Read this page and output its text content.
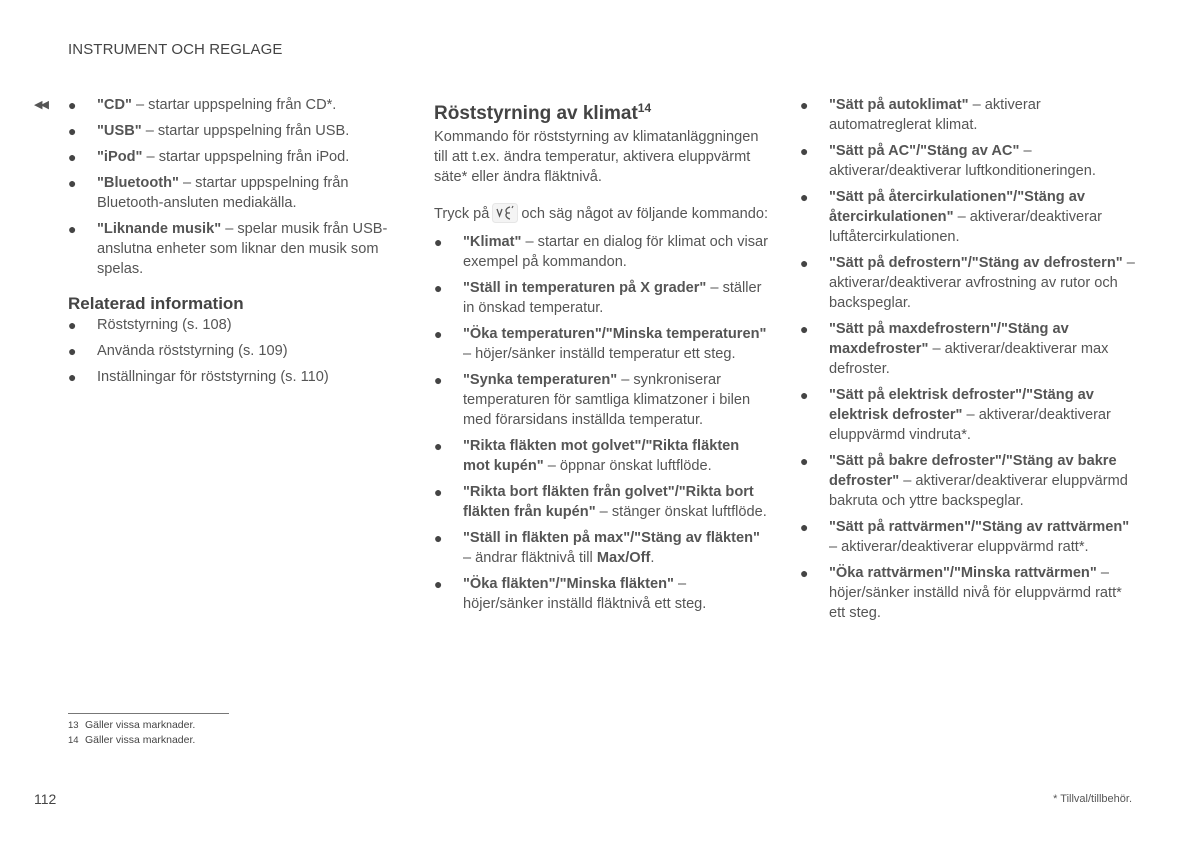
INSTRUMENT OCH REGLAGE
◀◀ ● "CD" – startar uppspelning från CD*.
● "USB" – startar uppspelning från USB.
● "iPod" – startar uppspelning från iPod.
● "Bluetooth" – startar uppspelning från Bluetooth-ansluten mediakälla.
● "Liknande musik" – spelar musik från USB-anslutna enheter som liknar den musik som spelas.
Relaterad information
● Röststyrning (s. 108)
● Använda röststyrning (s. 109)
● Inställningar för röststyrning (s. 110)
Röststyrning av klimat$^{14}$

Kommando för röststyrning av klimatanläggningen till att t.ex. ändra temperatur, aktivera eluppvärmt säte* eller ändra fläktnivå.

Tryck på och säg något av följande kommando:

● "Klimat" – startar en dialog för klimat och visar exempel på kommandon.
● "Ställ in temperaturen på X grader" – ställer in önskad temperatur.
● "Öka temperaturen"/"Minska temperaturen" – höjer/sänker inställd temperatur ett steg.
● "Synka temperaturen" – synkroniserar temperaturen för samtliga klimatzoner i bilen med förarsidans inställda temperatur.
● "Rikta fläkten mot golvet"/"Rikta fläkten mot kupén" – öppnar önskat luftflöde.
● "Rikta bort fläkten från golvet"/"Rikta bort fläkten från kupén" – stänger önskat luftflöde.
● "Ställ in fläkten på max"/"Stäng av fläkten" – ändrar fläktnivå till Max/Off.
● "Öka fläkten"/"Minska fläkten" – höjer/sänker inställd fläktnivå ett steg.
● "Sätt på autoklimat" – aktiverar automatreglerat klimat.
● "Sätt på AC"/"Stäng av AC" – aktiverar/deaktiverar luftkonditioneringen.
● "Sätt på återcirkulationen"/"Stäng av återcirkulationen" – aktiverar/deaktiverar luftåtercirkulationen.
● "Sätt på defrostern"/"Stäng av defrostern" – aktiverar/deaktiverar avfrostning av rutor och backspeglar.
● "Sätt på maxdefrostern"/"Stäng av maxdefroster" – aktiverar/deaktiverar max defroster.
● "Sätt på elektrisk defroster"/"Stäng av elektrisk defroster" – aktiverar/deaktiverar eluppvärmd vindruta*.
● "Sätt på bakre defroster"/"Stäng av bakre defroster" – aktiverar/deaktiverar eluppvärmd bakruta och yttre backspeglar.
● "Sätt på rattvärmen"/"Stäng av rattvärmen" – aktiverar/deaktiverar eluppvärmd ratt*.
● "Öka rattvärmen"/"Minska rattvärmen" – höjer/sänker inställd nivå för eluppvärmd ratt* ett steg.
13 Gäller vissa marknader.
14 Gäller vissa marknader.
112	* Tillval/tillbehör.
